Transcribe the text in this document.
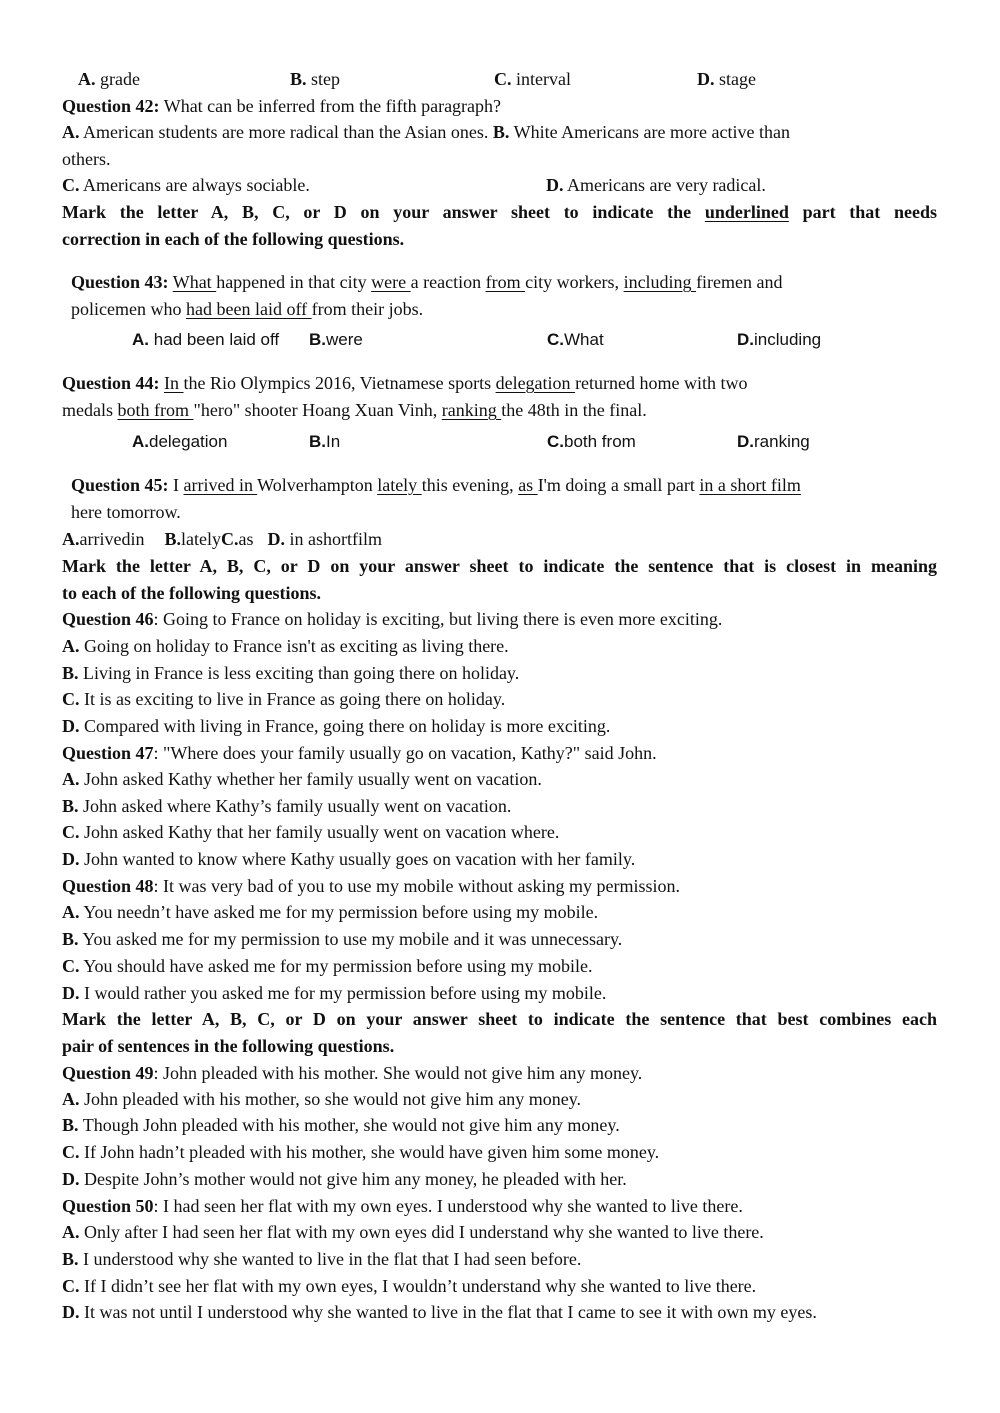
A. grade	B. step	C. interval	D. stage
Question 42: What can be inferred from the fifth paragraph?
A. American students are more radical than the Asian ones. B. White Americans are more active than
others.
C. Americans are always sociable.	D. Americans are very radical.
Mark the letter A, B, C, or D on your answer sheet to indicate the underlined part that needs
correction in each of the following questions.
Question 43: What happened in that city were a reaction from city workers, including firemen and
policemen who had been laid off from their jobs.
A. had been laid off B.were	C.What	D.including
Question 44: In the Rio Olympics 2016, Vietnamese sports delegation returned home with two
medals both from "hero" shooter Hoang Xuan Vinh, ranking the 48th in the final.
A.delegation	B.In	C.both from	D.ranking
Question 45: I arrived in Wolverhampton lately this evening, as I'm doing a small part in a short film
here tomorrow.
A.arrivedin B.latelyC.as D. in ashortfilm
Mark the letter A, B, C, or D on your answer sheet to indicate the sentence that is closest in meaning
to each of the following questions.
Question 46: Going to France on holiday is exciting, but living there is even more exciting.
A. Going on holiday to France isn't as exciting as living there.
B. Living in France is less exciting than going there on holiday.
C. It is as exciting to live in France as going there on holiday.
D. Compared with living in France, going there on holiday is more exciting.
Question 47: "Where does your family usually go on vacation, Kathy?" said John.
A. John asked Kathy whether her family usually went on vacation.
B. John asked where Kathy’s family usually went on vacation.
C. John asked Kathy that her family usually went on vacation where.
D. John wanted to know where Kathy usually goes on vacation with her family.
Question 48: It was very bad of you to use my mobile without asking my permission.
A. You needn’t have asked me for my permission before using my mobile.
B. You asked me for my permission to use my mobile and it was unnecessary.
C. You should have asked me for my permission before using my mobile.
D. I would rather you asked me for my permission before using my mobile.
Mark the letter A, B, C, or D on your answer sheet to indicate the sentence that best combines each
pair of sentences in the following questions.
Question 49: John pleaded with his mother. She would not give him any money.
A. John pleaded with his mother, so she would not give him any money.
B. Though John pleaded with his mother, she would not give him any money.
C. If John hadn’t pleaded with his mother, she would have given him some money.
D. Despite John’s mother would not give him any money, he pleaded with her.
Question 50: I had seen her flat with my own eyes. I understood why she wanted to live there.
A. Only after I had seen her flat with my own eyes did I understand why she wanted to live there.
B. I understood why she wanted to live in the flat that I had seen before.
C. If I didn’t see her flat with my own eyes, I wouldn’t understand why she wanted to live there.
D. It was not until I understood why she wanted to live in the flat that I came to see it with own my eyes.
